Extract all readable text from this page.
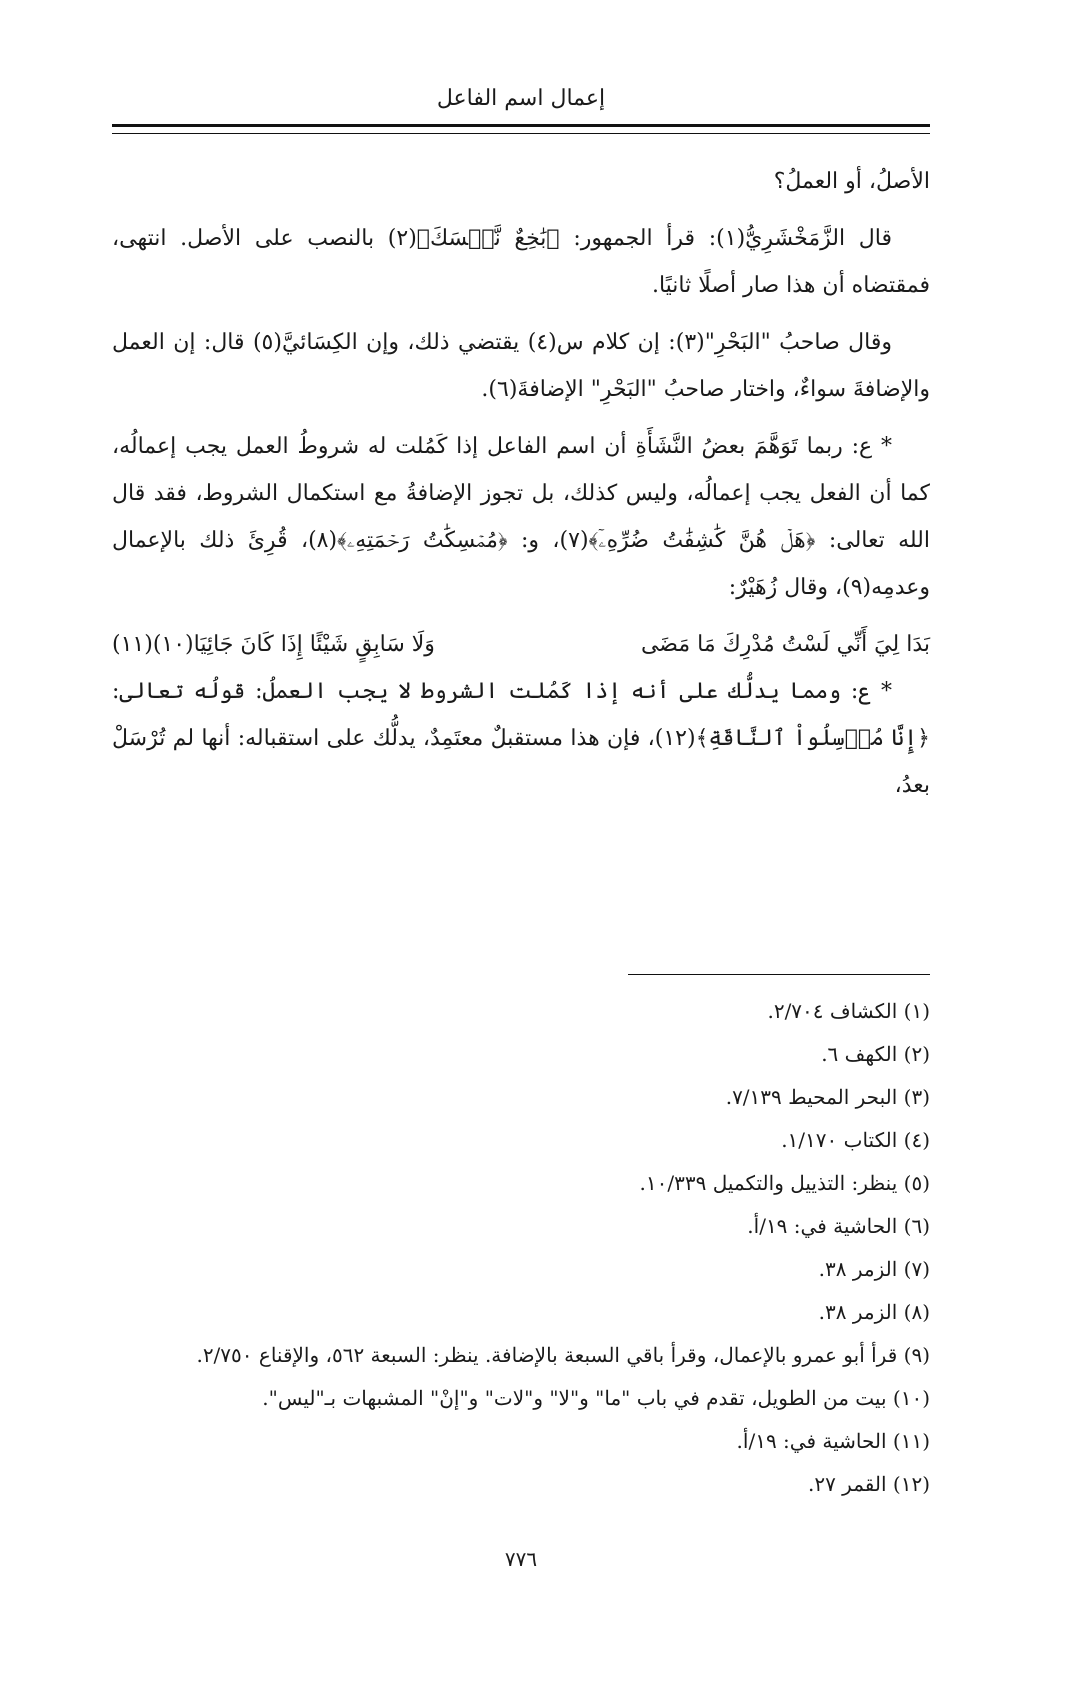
إعمال اسم الفاعل

الأصلُ، أو العملُ؟

قال الزَّمَخْشَرِيُّ(١): قرأ الجمهور: ﴿بَٰخِعٌ نَّفۡسَكَ﴾(٢) بالنصب على الأصل. انتهى، فمقتضاه أن هذا صار أصلًا ثانيًا.

وقال صاحبُ "البَحْرِ"(٣): إن كلام س(٤) يقتضي ذلك، وإن الكِسَائيَّ(٥) قال: إن العمل والإضافةَ سواءٌ، واختار صاحبُ "البَحْرِ" الإضافةَ(٦).

* ع: ربما تَوَهَّمَ بعضُ النَّشَأَةِ أن اسم الفاعل إذا كَمُلت له شروطُ العمل يجب إعمالُه، كما أن الفعل يجب إعمالُه، وليس كذلك، بل تجوز الإضافةُ مع استكمال الشروط، فقد قال الله تعالى: ﴿هَلۡ هُنَّ كَٰشِفَٰتُ ضُرِّهِۦٓ﴾(٧)، و: ﴿مُمۡسِكَٰتُ رَحۡمَتِهِۦ﴾(٨)، قُرِئَ ذلك بالإعمال وعدمِه(٩)، وقال زُهَيْرٌ:

بَدَا لِيَ أَنِّي لَسْتُ مُدْرِكَ مَا مَضَى
وَلَا سَابِقٍ شَيْئًا إِذَا كَانَ جَائِيَا(١٠)(١١)

* ع: ومما يدلُّك على أنه إذا كَمُلت الشروط لا يجب العملُ: قولُه تعالى: ﴿إِنَّا مُرۡسِلُواْ ٱلنَّاقَةِ﴾(١٢)، فإن هذا مستقبلٌ معتَمِدٌ، يدلُّك على استقباله: أنها لم تُرْسَلْ بعدُ،

(١) الكشاف ٢/٧٠٤.
(٢) الكهف ٦.
(٣) البحر المحيط ٧/١٣٩.
(٤) الكتاب ١/١٧٠.
(٥) ينظر: التذييل والتكميل ١٠/٣٣٩.
(٦) الحاشية في: ١٩/أ.
(٧) الزمر ٣٨.
(٨) الزمر ٣٨.
(٩) قرأ أبو عمرو بالإعمال، وقرأ باقي السبعة بالإضافة. ينظر: السبعة ٥٦٢، والإقناع ٢/٧٥٠.
(١٠) بيت من الطويل، تقدم في باب "ما" و"لا" و"لات" و"إنْ" المشبهات بـ"ليس".
(١١) الحاشية في: ١٩/أ.
(١٢) القمر ٢٧.
٧٧٦
